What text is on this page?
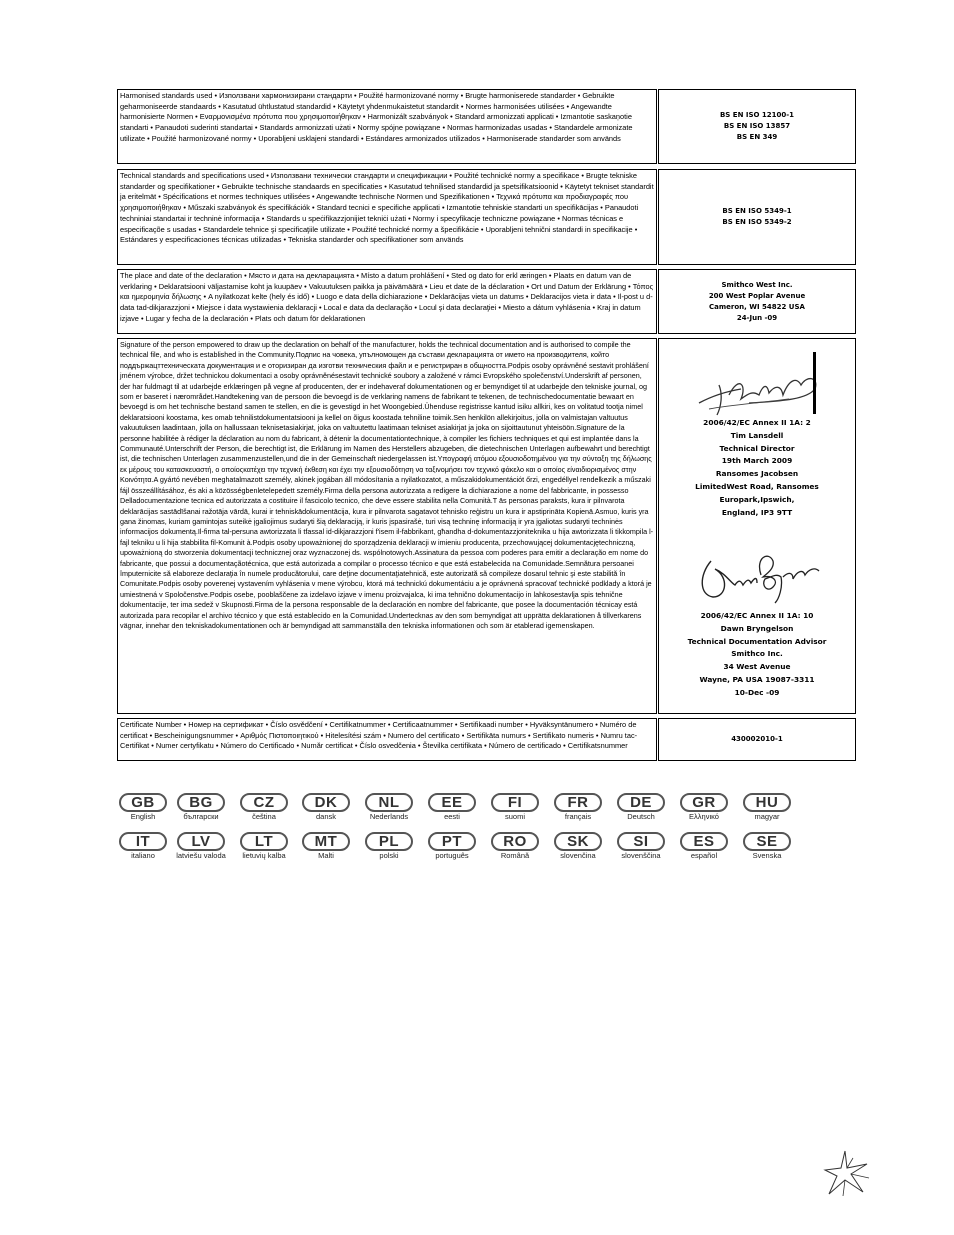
Harmonised standards used • Използвани хармонизирани стандарти • Použité harmonizované normy • Brugte harmoniserede standarder • Gebruikte geharmoniseerde standaards • Kasutatud ühtlustatud standardid • Käytetyt yhdenmukaistetut standardit • Normes harmonisées utilisées • Angewandte harmonisierte Normen • Εναρμονισμένα πρότυπα που χρησιμοποιήθηκαν • Harmonizált szabványok • Standard armonizzati applicati • Izmantotie saskaņotie standarti • Panaudoti suderinti standartai • Standards armonizzati użati • Normy spójne powiązane • Normas harmonizadas usadas • Standardele armonizate utilizate • Použité harmonizované normy • Uporabljeni usklajeni standardi • Estándares armonizados utilizados • Harmoniserade standarder som används
BS EN ISO 12100-1
BS EN ISO 13857
BS EN 349
Technical standards and specifications used • Използвани технически стандарти и спецификации • Použité technické normy a specifikace • Brugte tekniske standarder og specifikationer • Gebruikte technische standaards en specificaties • Kasutatud tehnilised standardid ja spetsifikatsioonid • Käytetyt tekniset standardit ja eritelmät • Spécifications et normes techniques utilisées • Angewandte technische Normen und Spezifikationen • Τεχνικά πρότυπα και προδιαγραφές που χρησιμοποιήθηκαν • Műszaki szabványok és specifikációk • Standard tecnici e specifiche applicati • Izmantotie tehniskie standarti un specifikācijas • Panaudoti techniniai standartai ir techninė informacija • Standards u speċifikazzjonijiet tekniċi użati • Normy i specyfikacje techniczne powiązane • Normas técnicas e especificaçõe s usadas • Standardele tehnice şi specificaţiile utilizate • Použité technické normy a špecifikácie • Uporabljeni tehnični standardi in specifikacije • Estándares y especificaciones técnicas utilizadas • Tekniska standarder och specifikationer som används
BS EN ISO 5349-1
BS EN ISO 5349-2
The place and date of the declaration • Място и дата на декларацията • Místo a datum prohlášení • Sted og dato for erkl æringen • Plaats en datum van de verklaring • Deklaratsiooni väljastamise koht ja kuupäev • Vakuutuksen paikka ja päivämäärä • Lieu et date de la déclaration • Ort und Datum der Erklärung • Τόπος και ημερομηνία δήλωσης • A nyilatkozat kelte (hely és idő) • Luogo e data della dichiarazione • Deklarācijas vieta un datums • Deklaracijos vieta ir data • Il-post u d-data tad-dikjarazzjoni • Miejsce i data wystawienia deklaracji • Local e data da declaração • Locul şi data declaraţiei • Miesto a dátum vyhlásenia • Kraj in datum izjave • Lugar y fecha de la declaración • Plats och datum för deklarationen
Smithco West Inc.
200 West Poplar Avenue
Cameron, WI 54822 USA
24-Jun -09
Signature of the person empowered to draw up the declaration on behalf of the manufacturer, holds the technical documentation and is authorised to compile the technical file, and who is established in the Community.Подпис на човека, упълномощен да състави декларацията от името на производителя, който поддържацттехническата документация и е оторизиран да изготви техническия файл и е регистриран в общността.Podpis osoby oprávněné sestavit prohlášení jménem výrobce, držet technickou dokumentaci a osoby oprávněnésestavit technické soubory a založené v rámci Evropského společenství.Underskrift af personen, der har fuldmagt til at udarbejde erklæringen på vegne af producenten, der er indehaveraf dokumentationen og er bemyndiget til at udarbejde den tekniske journal, og som er baseret i nærområdet.Handtekening van de persoon die bevoegd is de verklaring namens de fabrikant te tekenen, de technischedocumentatie bewaart en bevoegd is om het technische bestand samen te stellen, en die is gevestigd in het Woongebied.Ühenduse registrisse kantud isiku allkiri, kes on volitatud tootja nimel deklaratsiooni koostama, kes omab tehnilistdokumentatsiooni ja kellel on õigus koostada tehniline toimik.Sen henkilön allekirjoitus, jolla on valmistajan valtuutus vakuutuksen laadintaan, jolla on hallussaan teknisetasiakirjat, joka on valtuutettu laatimaan tekniset asiakirjat ja joka on sijoittautunut yhteisöön.Signature de la personne habilitée à rédiger la déclaration au nom du fabricant, à détenir la documentationtechnique, à compiler les fichiers techniques et qui est implantée dans la Communauté.Unterschrift der Person, die berechtigt ist, die Erklärung im Namen des Herstellers abzugeben, die dietechnischen Unterlagen aufbewahrt und berechtigt ist, die technischen Unterlagen zusammenzustellen,und die in der Gemeinschaft niedergelassen ist.Υπογραφή ατόμου εξουσιοδοτημένου για την σύνταξη της δήλωσης εκ μέρους του κατασκευαστή, ο οποίοςκατέχει την τεχνική έκθεση και έχει την εξουσιοδότηση να ταξινομήσει τον τεχνικό φάκελο και ο οποίος είναιδιορισμένος στην Κοινότητα.A gyártó nevében meghatalmazott személy, akinek jogában áll módosítania a nyilatkozatot, a műszakidokumentációt őrzi, engedéllyel rendelkezik a műszaki fájl összeállításához, és aki a közösségbenletelepedett személy.Firma della persona autorizzata a redigere la dichiarazione a nome del fabbricante, in possesso Delladocumentazione tecnica ed autorizzata a costituire il fascicolo tecnico, che deve essere stabilita nella Comunità.T ās personas paraksts, kura ir pilnvarota deklarācijas sastādīšanai ražotāja vārdā, kurai ir tehniskādokumentācija, kura ir pilnvarota sagatavot tehnisko reģistru un kura ir apstiprināta Kopienā.Asmuo, kuris yra gana žinomas, kuriam gamintojas suteikė įgaliojimus sudaryti šią deklaraciją, ir kuris įspasirašė, turi visą techninę informaciją ir yra įgaliotas sudaryti techninės informacijos dokumentą.Il-firma tal-persuna awtorizzata li tfassal id-dikjarazzjoni f'isem il-fabbrikant, għandha d-dokumentazzjoniteknika u hija awtorizzata li tikkompila l-fajl tekniku u li hija stabbilita fil-Komunit à.Podpis osoby upoważnionej do sporządzenia deklaracji w imieniu producenta, przechowującej dokumentacjętechniczną, upoważnioną do stworzenia dokumentacji technicznej oraz wyznaczonej ds. wspólnotowych.Assinatura da pessoa com poderes para emitir a declaração em nome do fabricante, que possui a documentaçãotécnica, que está autorizada a compilar o processo técnico e que está estabelecida na Comunidade.Semnătura persoanei împuternicite să elaboreze declaraţia în numele producătorului, care deţine documentaţiatehnică, este autorizată să compileze dosarul tehnic şi este stabilită în Comunitate.Podpis osoby poverenej vystavením vyhlásenia v mene výrobcu, ktorá má technickú dokumentáciu a je oprávnená spracovať technické podklady a ktorá je umiestnená v Spoločenstve.Podpis osebe, pooblaščene za izdelavo izjave v imenu proizvajalca, ki ima tehnično dokumentacijo in lahkosestavlja spis tehnične dokumentacije, ter ima sedež v Skupnosti.Firma de la persona responsable de la declaración en nombre del fabricante, que posee la documentación técnicay está autorizada para recopilar el archivo técnico y que está establecido en la Comunidad.Undertecknas av den som bemyndigat att upprätta deklarationen å tillverkarens vägnar, innehar den tekniskadokumentationen och är bemyndigad att sammanställa den tekniska informationen och som är etablerad igemenskapen.
2006/42/EC Annex II 1A: 2
Tim Lansdell
Technical Director
19th March 2009
Ransomes Jacobsen
LimitedWest Road, Ransomes Europark,Ipswich,
England, IP3 9TT
2006/42/EC Annex II 1A: 10
Dawn Bryngelson
Technical Documentation Advisor
Smithco Inc.
34 West Avenue
Wayne, PA USA 19087-3311
10-Dec -09
Certificate Number • Номер на сертификат • Číslo osvědčení • Certifikatnummer • Certificaatnummer • Sertifikaadi number • Hyväksyntänumero • Numéro de certificat • Bescheinigungsnummer • Αριθμός Πιστοποιητικού • Hitelesítési szám • Numero del certificato • Sertifikāta numurs • Sertifikato numeris • Numru tac-Certifikat • Numer certyfikatu • Número do Certificado • Număr certificat • Číslo osvedčenia • Številka certifikata • Número de certificado • Certifikatsnummer
430002010-1
GB
English
BG
български
CZ
čeština
DK
dansk
NL
Nederlands
EE
eesti
FI
suomi
FR
français
DE
Deutsch
GR
Ελληνικό
HU
magyar
IT
italiano
LV
latviešu valoda
LT
lietuvių kalba
MT
Malti
PL
polski
PT
português
RO
Română
SK
slovenčina
SI
slovenščina
ES
español
SE
Svenska
